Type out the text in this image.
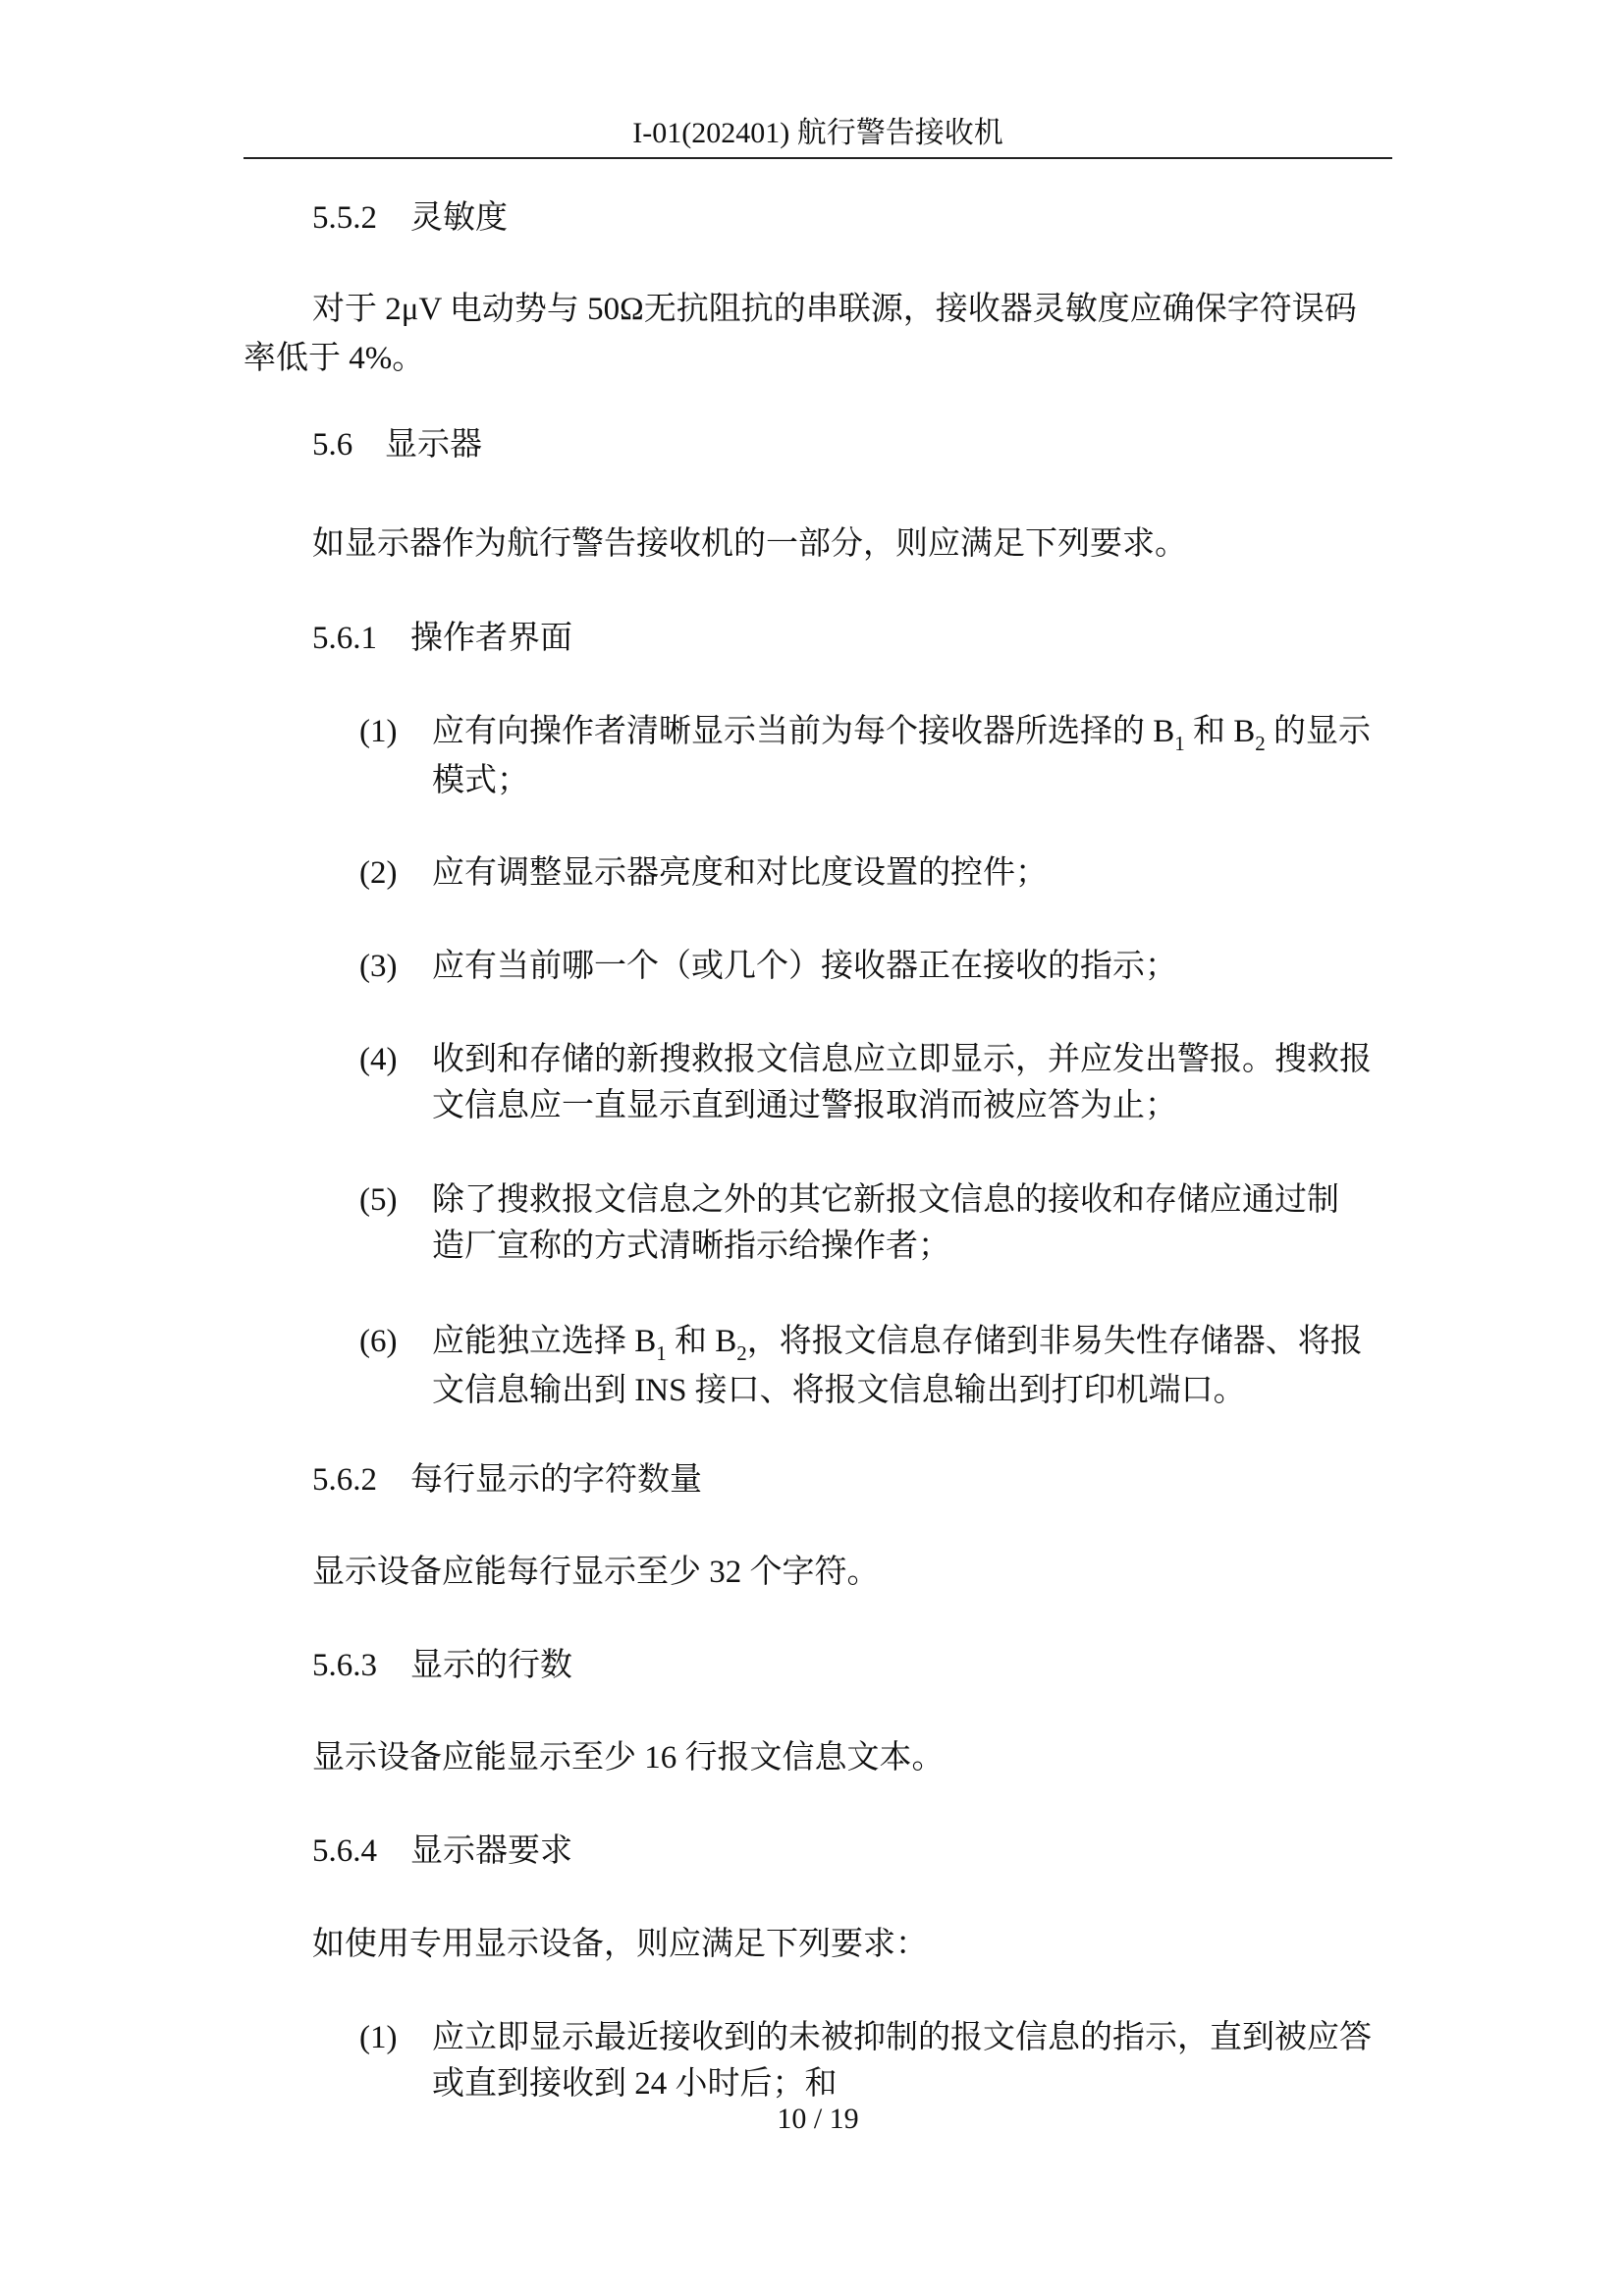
I-01(202401) 航行警告接收机
5.5.2 灵敏度
对于 2μV 电动势与 50Ω无抗阻抗的串联源，接收器灵敏度应确保字符误码
率低于 4%。
5.6 显示器
如显示器作为航行警告接收机的一部分，则应满足下列要求。
5.6.1 操作者界面
(1) 应有向操作者清晰显示当前为每个接收器所选择的 $B_1$ 和 $B_2$ 的显示
模式；
(2) 应有调整显示器亮度和对比度设置的控件；
(3) 应有当前哪一个（或几个）接收器正在接收的指示；
(4) 收到和存储的新搜救报文信息应立即显示，并应发出警报。搜救报
文信息应一直显示直到通过警报取消而被应答为止；
(5) 除了搜救报文信息之外的其它新报文信息的接收和存储应通过制
造厂宣称的方式清晰指示给操作者；
(6) 应能独立选择 $B_1$ 和 $B_2$，将报文信息存储到非易失性存储器、将报
文信息输出到 INS 接口、将报文信息输出到打印机端口。
5.6.2 每行显示的字符数量
显示设备应能每行显示至少 32 个字符。
5.6.3 显示的行数
显示设备应能显示至少 16 行报文信息文本。
5.6.4 显示器要求
如使用专用显示设备，则应满足下列要求：
(1) 应立即显示最近接收到的未被抑制的报文信息的指示，直到被应答
或直到接收到 24 小时后；和
10 / 19
